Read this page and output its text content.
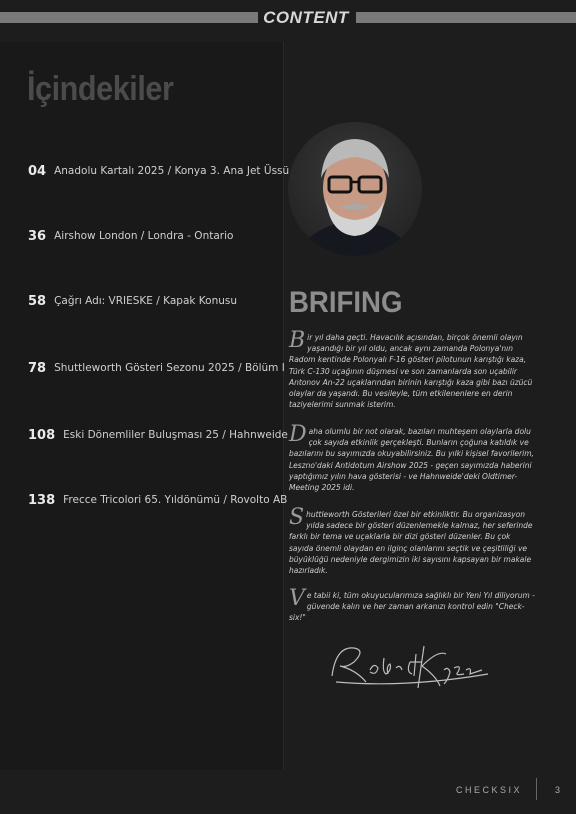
CONTENT
İçindekiler
04 Anadolu Kartalı 2025 / Konya 3. Ana Jet Üssü
36 Airshow London / Londra - Ontario
58 Çağrı Adı: VRIESKE / Kapak Konusu
78 Shuttleworth Gösteri Sezonu 2025 / Bölüm I
108 Eski Dönemliler Buluşması 25 / Hahnweide
138 Frecce Tricolori 65. Yıldönümü / Rovolto AB
BRIFING
Bir yıl daha geçti. Havacılık açısından, birçok önemli olayın yaşandığı bir yıl oldu, ancak aynı zamanda Polonya'nın Radom kentinde Polonyalı F-16 gösteri pilotunun karıştığı kaza, Türk C-130 uçağının düşmesi ve son zamanlarda son uçabilir Antonov An-22 uçaklarından birinin karıştığı kaza gibi bazı üzücü olaylar da yaşandı. Bu vesileyle, tüm etkilenenlere en derin taziyelerimi sunmak isterim.
Daha olumlu bir not olarak, bazıları muhteşem olaylarla dolu çok sayıda etkinlik gerçekleşti. Bunların çoğuna katıldık ve bazılarını bu sayımızda okuyabilirsiniz. Bu yılki kişisel favorilerim, Leszno'daki Antidotum Airshow 2025 - geçen sayımızda haberini yaptığımız yılın hava gösterisi - ve Hahnweide'deki Oldtimer-Meeting 2025 idi.
Shuttleworth Gösterileri özel bir etkinliktir. Bu organizasyon yılda sadece bir gösteri düzenlemekle kalmaz, her seferinde farklı bir tema ve uçaklarla bir dizi gösteri düzenler. Bu çok sayıda önemli olaydan en ilginç olanlarını seçtik ve çeşitliliği ve büyüklüğü nedeniyle dergimizin iki sayısını kapsayan bir makale hazırladık.
Ve tabii ki, tüm okuyucularımıza sağlıklı bir Yeni Yıl diliyorum - güvende kalın ve her zaman arkanızı kontrol edin "Check-six!"
CHECKSIX	3
